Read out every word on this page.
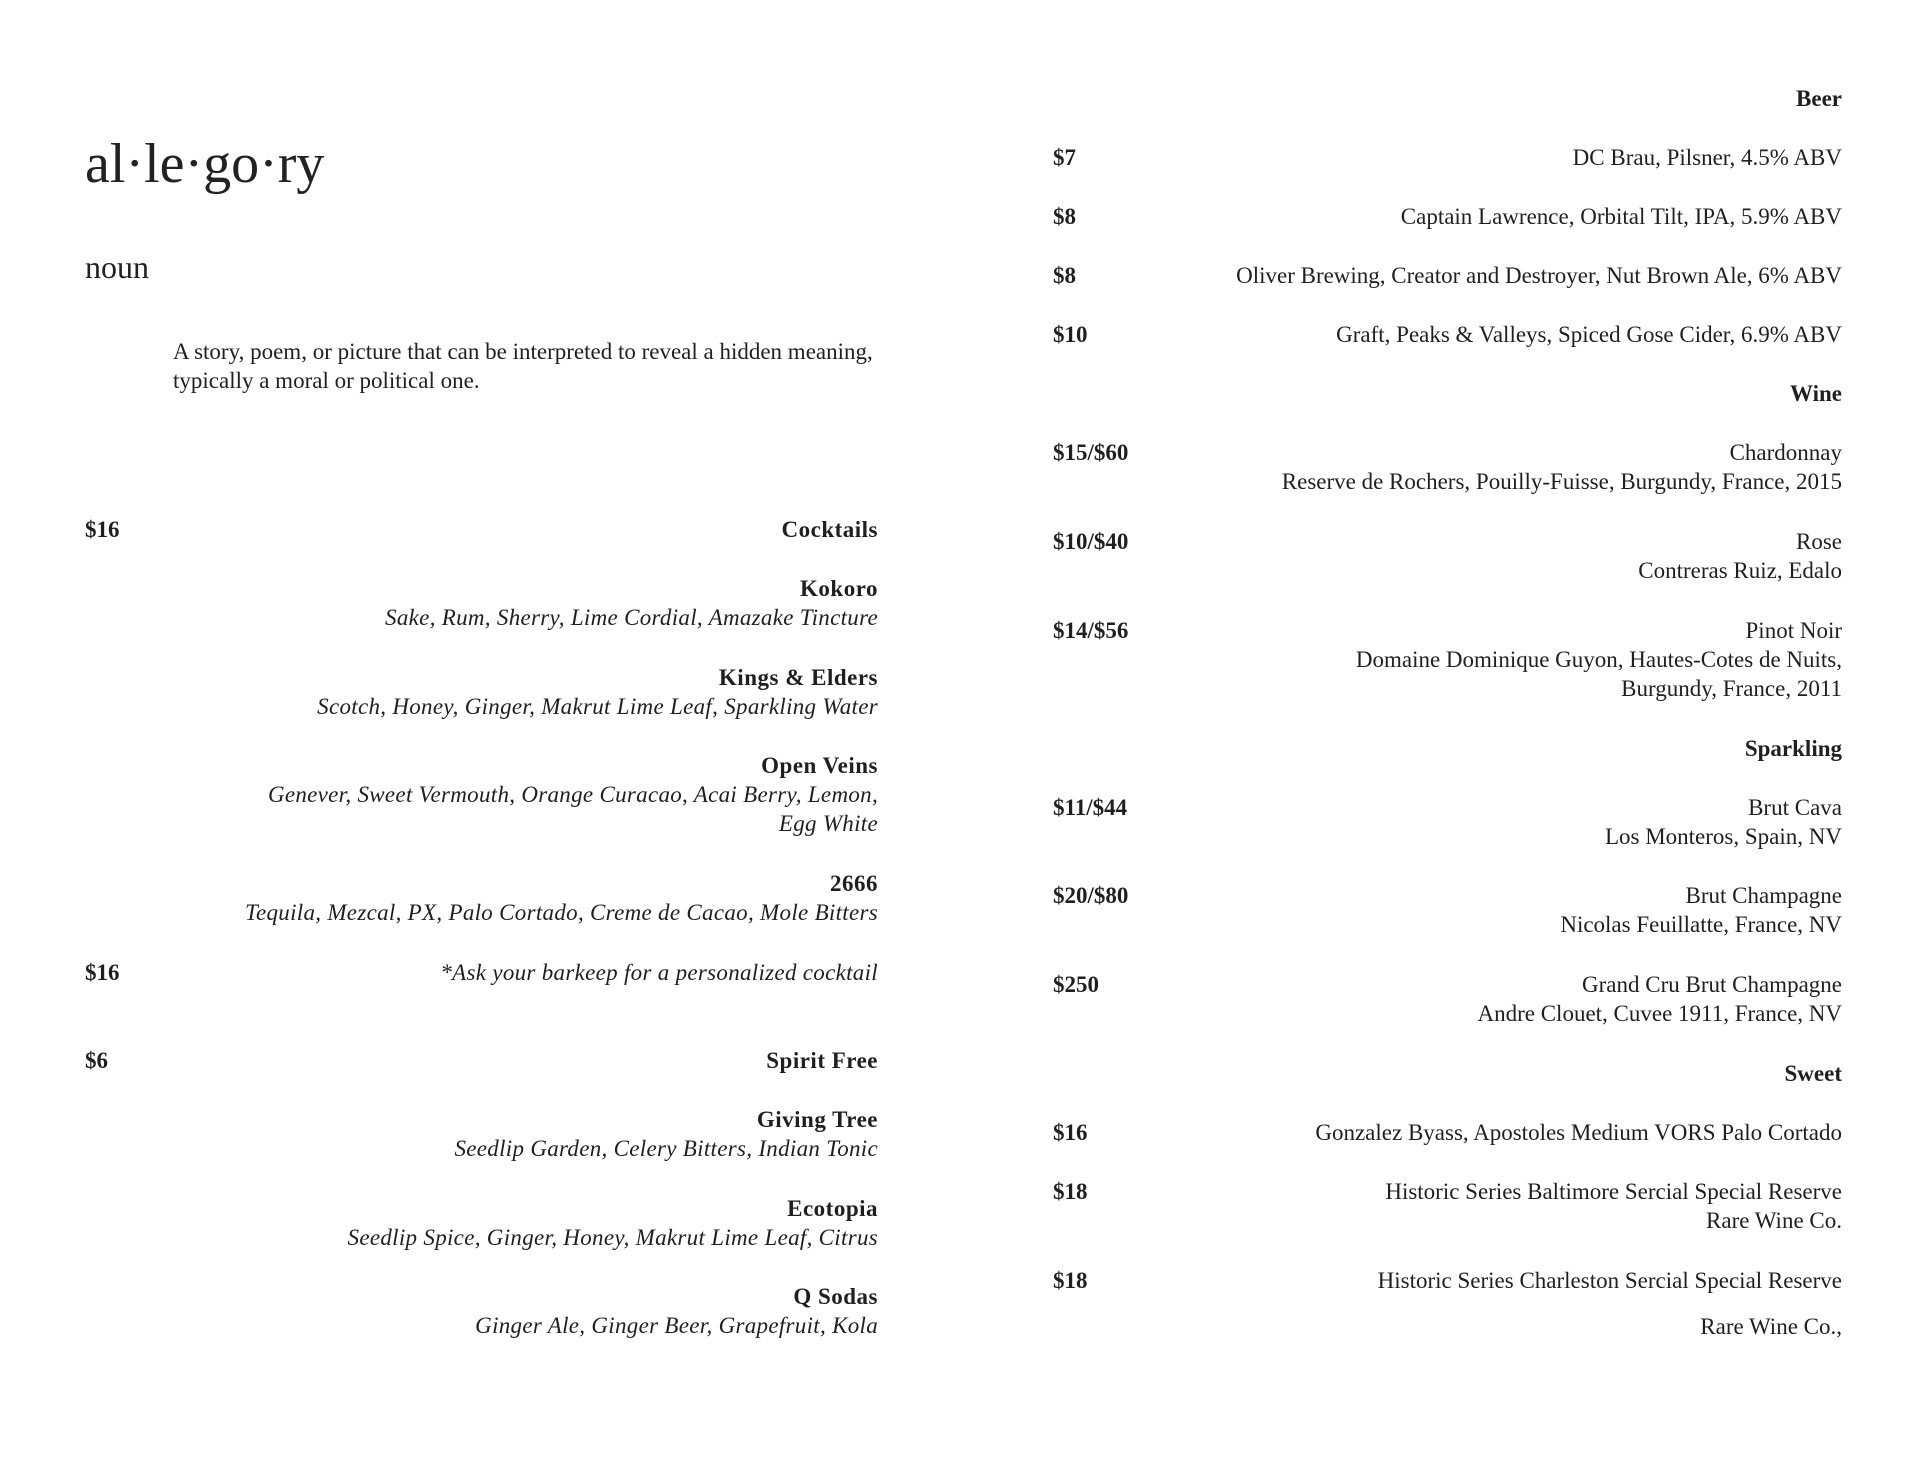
al·le·go·ry
noun
A story, poem, or picture that can be interpreted to reveal a hidden meaning, typically a moral or political one.
$16	Cocktails
Kokoro
Sake, Rum, Sherry, Lime Cordial, Amazake Tincture
Kings & Elders
Scotch, Honey, Ginger, Makrut Lime Leaf, Sparkling Water
Open Veins
Genever, Sweet Vermouth, Orange Curacao, Acai Berry, Lemon, Egg White
2666
Tequila, Mezcal, PX, Palo Cortado, Creme de Cacao, Mole Bitters
$16	*Ask your barkeep for a personalized cocktail
$6	Spirit Free
Giving Tree
Seedlip Garden, Celery Bitters, Indian Tonic
Ecotopia
Seedlip Spice, Ginger, Honey, Makrut Lime Leaf, Citrus
Q Sodas
Ginger Ale, Ginger Beer, Grapefruit, Kola
Beer
$7	DC Brau, Pilsner, 4.5% ABV
$8	Captain Lawrence, Orbital Tilt, IPA, 5.9% ABV
$8	Oliver Brewing, Creator and Destroyer, Nut Brown Ale, 6% ABV
$10	Graft, Peaks & Valleys, Spiced Gose Cider, 6.9% ABV
Wine
$15/$60	Chardonnay
Reserve de Rochers, Pouilly-Fuisse, Burgundy, France, 2015
$10/$40	Rose
Contreras Ruiz, Edalo
$14/$56	Pinot Noir
Domaine Dominique Guyon, Hautes-Cotes de Nuits, Burgundy, France, 2011
Sparkling
$11/$44	Brut Cava
Los Monteros, Spain, NV
$20/$80	Brut Champagne
Nicolas Feuillatte, France, NV
$250	Grand Cru Brut Champagne
Andre Clouet, Cuvee 1911, France, NV
Sweet
$16	Gonzalez Byass, Apostoles Medium VORS Palo Cortado
$18	Historic Series Baltimore Sercial Special Reserve
Rare Wine Co.
$18	Historic Series Charleston Sercial Special Reserve
Rare Wine Co.,
